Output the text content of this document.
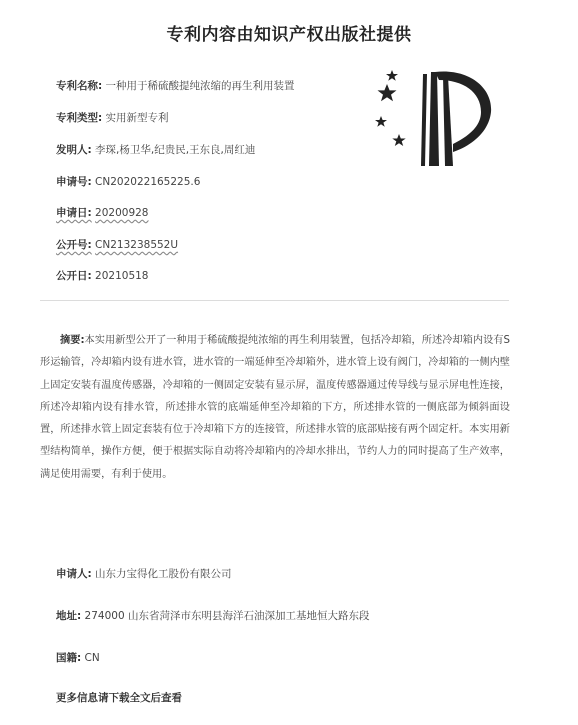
专利内容由知识产权出版社提供
专利名称: 一种用于稀硫酸提纯浓缩的再生利用装置
专利类型: 实用新型专利
发明人: 李琛,杨卫华,纪贵民,王东良,周红迪
申请号: CN202022165225.6
申请日: 20200928
公开号: CN213238552U
公开日: 20210518

摘要:本实用新型公开了一种用于稀硫酸提纯浓缩的再生利用装置，包括冷却箱，所述冷却箱内设有S形运输管，冷却箱内设有进水管，进水管的一端延伸至冷却箱外，进水管上设有阀门，冷却箱的一侧内壁上固定安装有温度传感器，冷却箱的一侧固定安装有显示屏，温度传感器通过传导线与显示屏电性连接，所述冷却箱内设有排水管，所述排水管的底端延伸至冷却箱的下方，所述排水管的一侧底部为倾斜面设置，所述排水管上固定套装有位于冷却箱下方的连接管，所述排水管的底部贴接有两个固定杆。本实用新型结构简单，操作方便，便于根据实际自动将冷却箱内的冷却水排出，节约人力的同时提高了生产效率，满足使用需要，有利于使用。

申请人: 山东力宝得化工股份有限公司
地址: 274000 山东省菏泽市东明县海洋石油深加工基地恒大路东段
国籍: CN
更多信息请下载全文后查看
